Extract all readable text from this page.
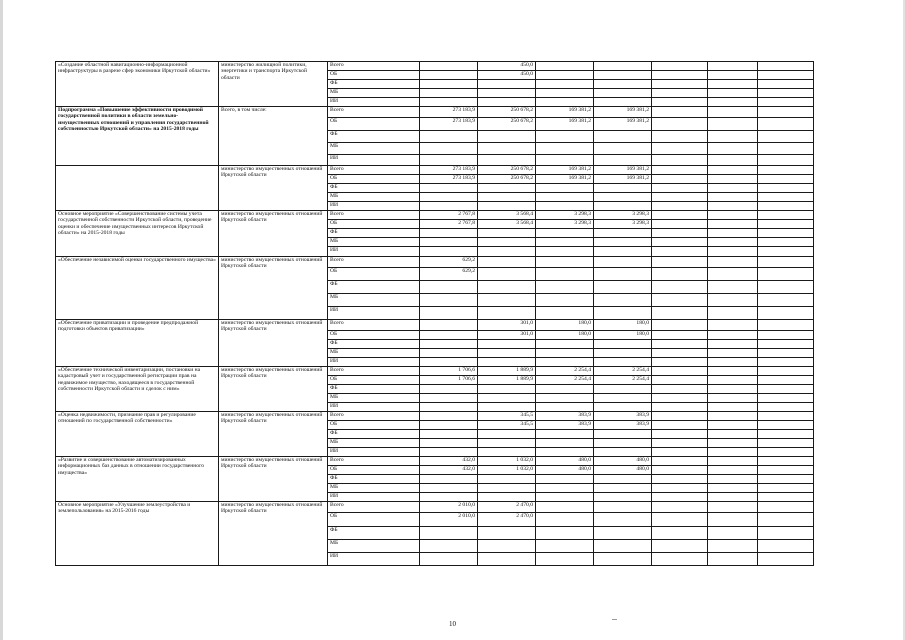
«Создание областной навигационно-информационной инфраструктуры в разрезе сфер экономики Иркутской области»	министерство жилищной политики, энергетики и транспорта Иркутской области	Всего		450,0							
		ОБ		450,0							
		ФБ									
		МБ									
		ИИ									
Подпрограмма «Повышение эффективности проводимой государственной политики в области земельно-имущественных отношений и управления государственной собственностью Иркутской области» на 2015-2018 годы	Всего, в том числе:	Всего	273 183,9	250 678,2	169 381,2	169 381,2					
		ОБ	273 183,9	250 678,2	169 381,2	169 381,2					
		ФБ									
		МБ									
		ИИ									
	министерство имущественных отношений Иркутской области	Всего	273 183,9	250 678,2	169 381,2	169 381,2					
		ОБ	273 183,9	250 678,2	169 381,2	169 381,2					
		ФБ									
		МБ									
		ИИ									
Основное мероприятие «Совершенствование системы учета государственной собственности Иркутской области, проведение оценки и обеспечение имущественных интересов Иркутской области» на 2015-2018 годы	министерство имущественных отношений Иркутской области	Всего	2 767,8	3 568,4	3 298,3	3 298,3					
		ОБ	2 767,8	3 568,4	3 298,3	3 298,3					
		ФБ									
		МБ									
		ИИ									
«Обеспечение независимой оценки государственного имущества»	министерство имущественных отношений Иркутской области	Всего	629,2								
		ОБ	629,2								
		ФБ									
		МБ									
		ИИ									
«Обеспечение приватизации и проведение предпродажной подготовки объектов приватизации»	министерство имущественных отношений Иркутской области	Всего		301,0	180,0	180,0					
		ОБ		301,0	180,0	180,0					
		ФБ									
		МБ									
		ИИ									
«Обеспечение технической инвентаризации, постановки на кадастровый учет и государственной регистрации прав на недвижимое имущество, находящееся в государственной собственности Иркутской области и сделок с ним»	министерство имущественных отношений Иркутской области	Всего	1 706,6	1 889,9	2 254,4	2 254,4					
		ОБ	1 706,6	1 889,9	2 254,4	2 254,4					
		ФБ									
		МБ									
		ИИ									
«Оценка недвижимости, признание прав и регулирование отношений по государственной собственности»	министерство имущественных отношений Иркутской области	Всего		345,5	383,9	383,9					
		ОБ		345,5	383,9	383,9					
		ФБ									
		МБ									
		ИИ									
«Развитие и совершенствование автоматизированных информационных баз данных в отношении государственного имущества»	министерство имущественных отношений Иркутской области	Всего	432,0	1 032,0	480,0	480,0					
		ОБ	432,0	1 032,0	480,0	480,0					
		ФБ									
		МБ									
		ИИ									
Основное мероприятие «Улучшение землеустройства и землепользования» на 2015-2016 годы	министерство имущественных отношений Иркутской области	Всего	2 010,0	2 470,0							
		ОБ	2 010,0	2 470,0							
		ФБ									
		МБ									
		ИИ									
10
